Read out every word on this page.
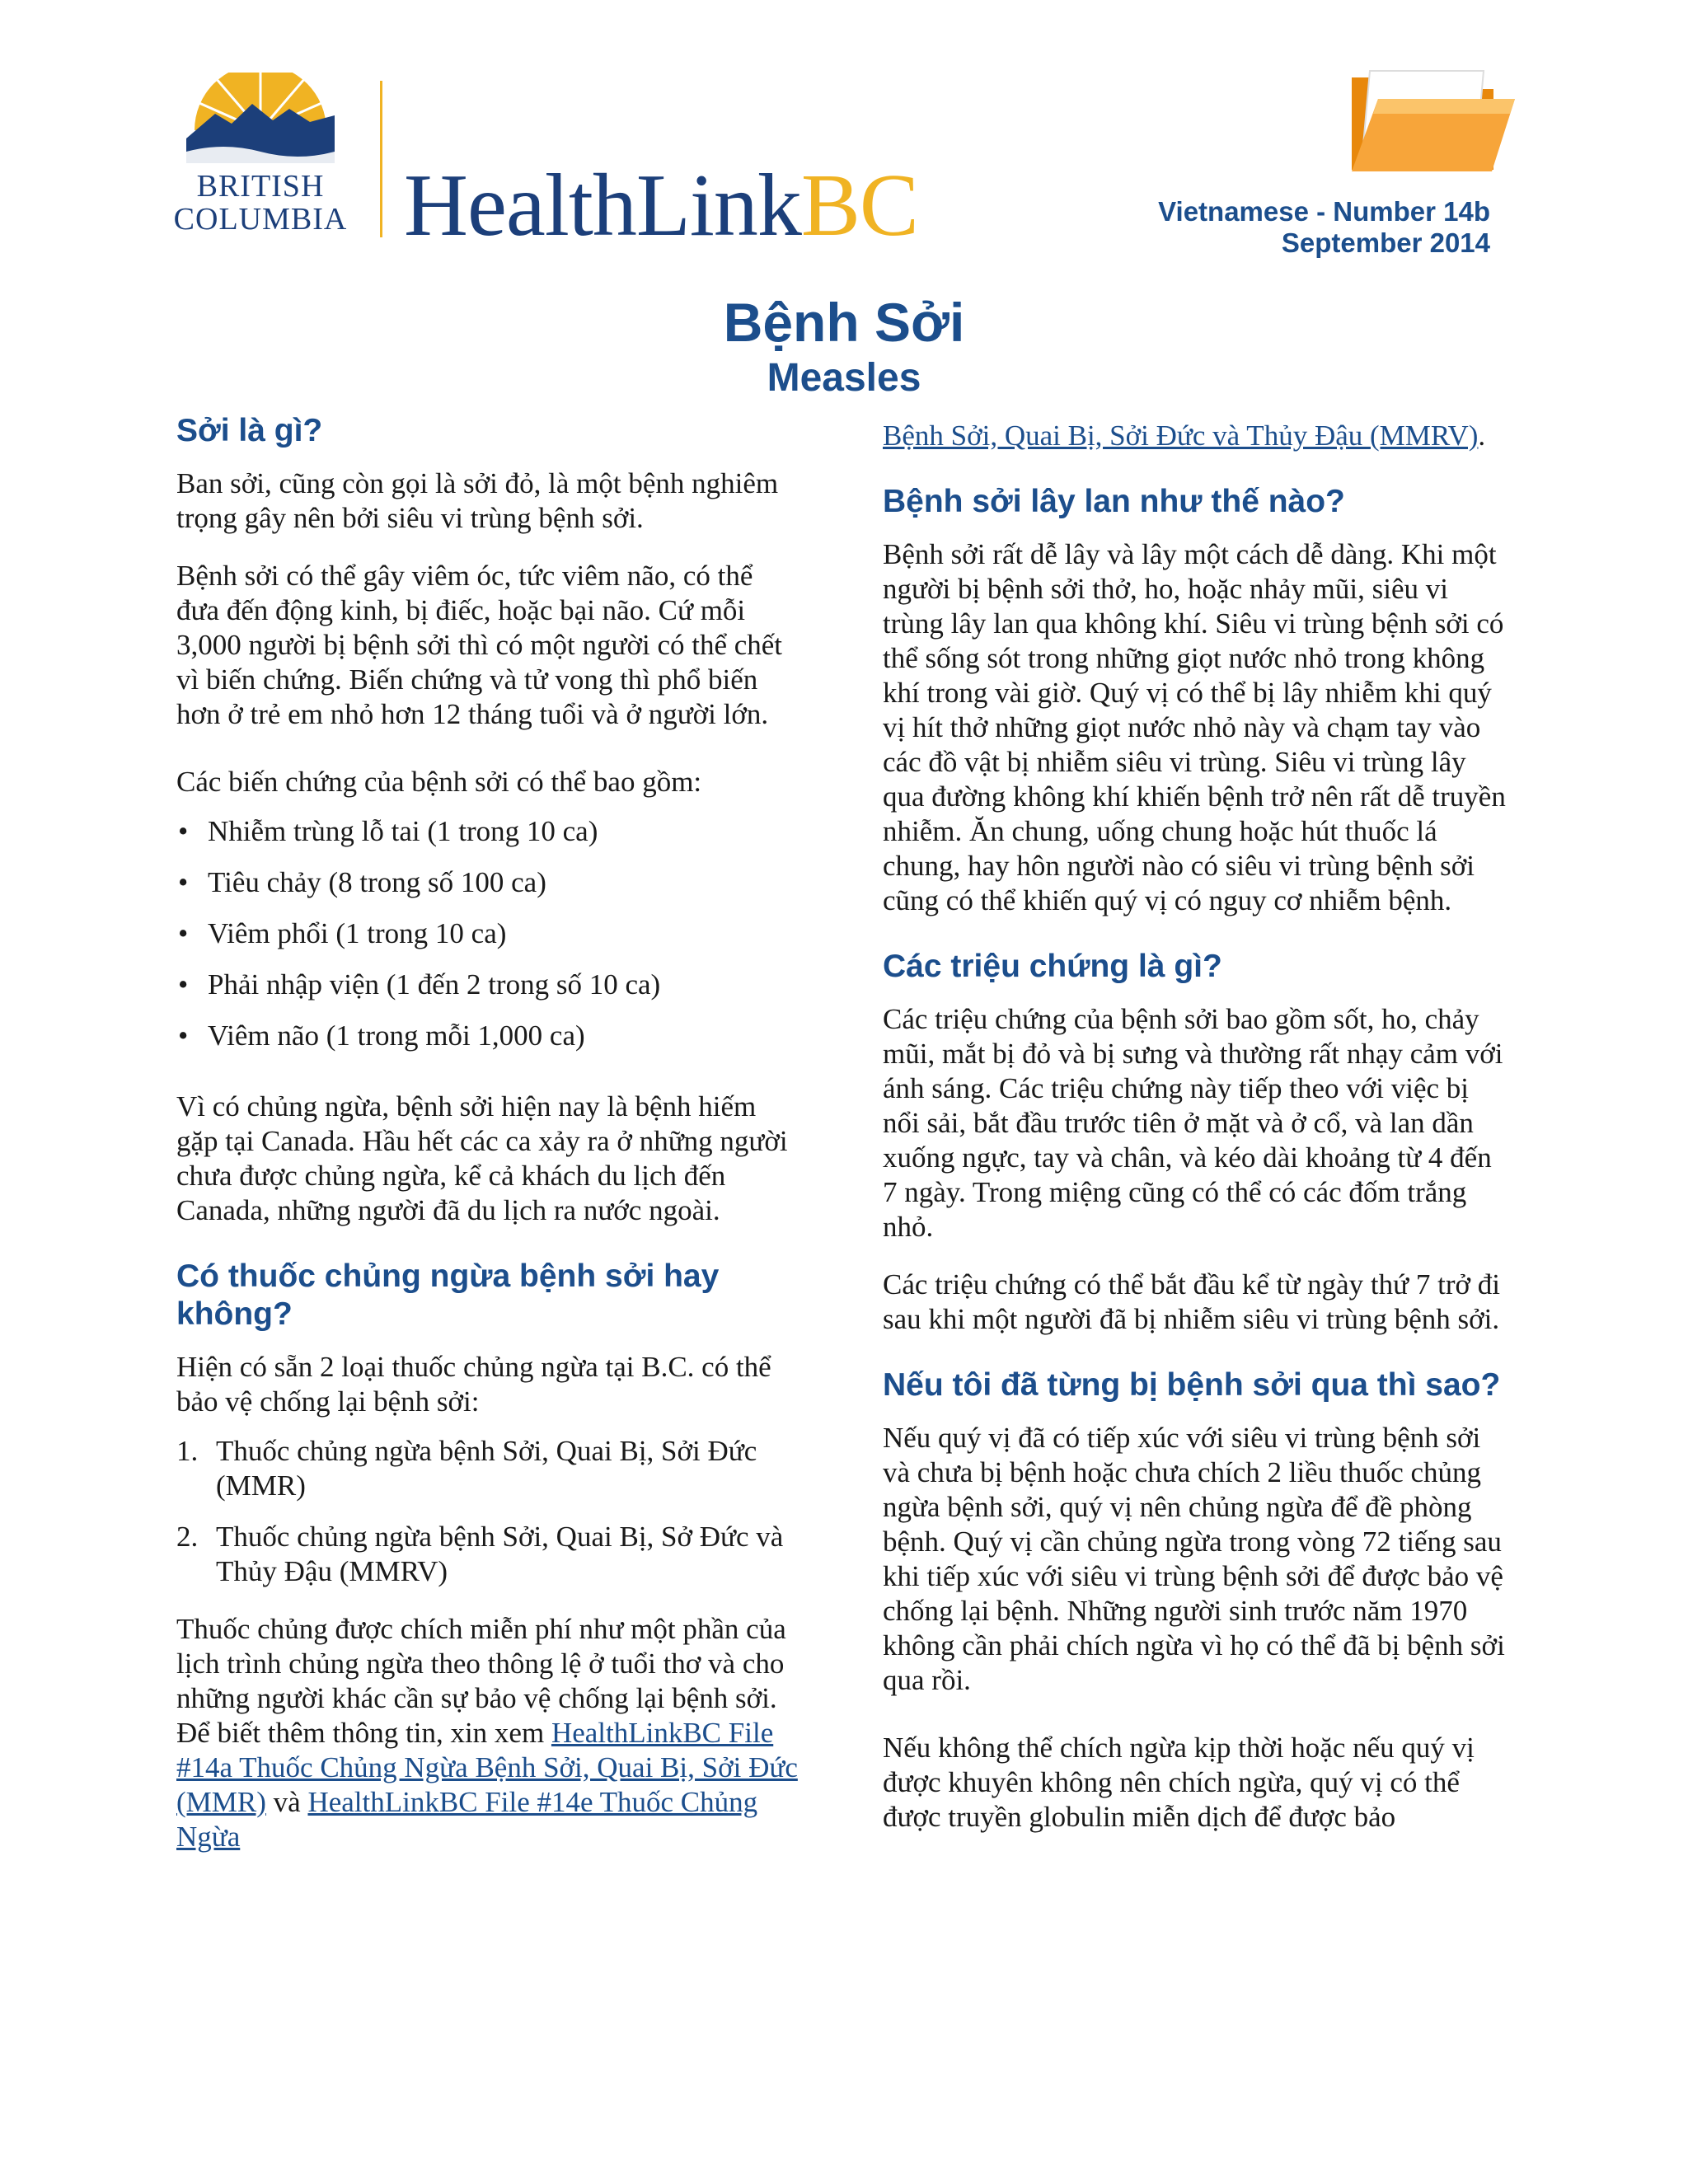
BRITISH
COLUMBIA HealthLinkBC	Vietnamese - Number 14b
September 2014
Bệnh Sởi
Measles
Sởi là gì?

Ban sởi, cũng còn gọi là sởi đỏ, là một bệnh nghiêm trọng gây nên bởi siêu vi trùng bệnh sởi.

Bệnh sởi có thể gây viêm óc, tức viêm não, có thể đưa đến động kinh, bị điếc, hoặc bại não. Cứ mỗi 3,000 người bị bệnh sởi thì có một người có thể chết vì biến chứng. Biến chứng và tử vong thì phổ biến hơn ở trẻ em nhỏ hơn 12 tháng tuổi và ở người lớn.

Các biến chứng của bệnh sởi có thể bao gồm:

• Nhiễm trùng lỗ tai (1 trong 10 ca)
• Tiêu chảy (8 trong số 100 ca)
• Viêm phổi (1 trong 10 ca)
• Phải nhập viện (1 đến 2 trong số 10 ca)
• Viêm não (1 trong mỗi 1,000 ca)

Vì có chủng ngừa, bệnh sởi hiện nay là bệnh hiếm gặp tại Canada. Hầu hết các ca xảy ra ở những người chưa được chủng ngừa, kể cả khách du lịch đến Canada, những người đã du lịch ra nước ngoài.

Có thuốc chủng ngừa bệnh sởi hay không?

Hiện có sẵn 2 loại thuốc chủng ngừa tại B.C. có thể bảo vệ chống lại bệnh sởi:

1. Thuốc chủng ngừa bệnh Sởi, Quai Bị, Sởi Đức (MMR)
2. Thuốc chủng ngừa bệnh Sởi, Quai Bị, Sở Đức và Thủy Đậu (MMRV)

Thuốc chủng được chích miễn phí như một phần của lịch trình chủng ngừa theo thông lệ ở tuổi thơ và cho những người khác cần sự bảo vệ chống lại bệnh sởi. Để biết thêm thông tin, xin xem HealthLinkBC File #14a Thuốc Chủng Ngừa Bệnh Sởi, Quai Bị, Sởi Đức (MMR) và HealthLinkBC File #14e Thuốc Chủng Ngừa

Bệnh Sởi, Quai Bị, Sởi Đức và Thủy Đậu (MMRV).

Bệnh sởi lây lan như thế nào?

Bệnh sởi rất dễ lây và lây một cách dễ dàng. Khi một người bị bệnh sởi thở, ho, hoặc nhảy mũi, siêu vi trùng lây lan qua không khí. Siêu vi trùng bệnh sởi có thể sống sót trong những giọt nước nhỏ trong không khí trong vài giờ. Quý vị có thể bị lây nhiễm khi quý vị hít thở những giọt nước nhỏ này và chạm tay vào các đồ vật bị nhiễm siêu vi trùng. Siêu vi trùng lây qua đường không khí khiến bệnh trở nên rất dễ truyền nhiễm. Ăn chung, uống chung hoặc hút thuốc lá chung, hay hôn người nào có siêu vi trùng bệnh sởi cũng có thể khiến quý vị có nguy cơ nhiễm bệnh.

Các triệu chứng là gì?

Các triệu chứng của bệnh sởi bao gồm sốt, ho, chảy mũi, mắt bị đỏ và bị sưng và thường rất nhạy cảm với ánh sáng. Các triệu chứng này tiếp theo với việc bị nổi sải, bắt đầu trước tiên ở mặt và ở cổ, và lan dần xuống ngực, tay và chân, và kéo dài khoảng từ 4 đến 7 ngày. Trong miệng cũng có thể có các đốm trắng nhỏ.

Các triệu chứng có thể bắt đầu kể từ ngày thứ 7 trở đi sau khi một người đã bị nhiễm siêu vi trùng bệnh sởi.

Nếu tôi đã từng bị bệnh sởi qua thì sao?

Nếu quý vị đã có tiếp xúc với siêu vi trùng bệnh sởi và chưa bị bệnh hoặc chưa chích 2 liều thuốc chủng ngừa bệnh sởi, quý vị nên chủng ngừa để đề phòng bệnh. Quý vị cần chủng ngừa trong vòng 72 tiếng sau khi tiếp xúc với siêu vi trùng bệnh sởi để được bảo vệ chống lại bệnh. Những người sinh trước năm 1970 không cần phải chích ngừa vì họ có thể đã bị bệnh sởi qua rồi.

Nếu không thể chích ngừa kịp thời hoặc nếu quý vị được khuyên không nên chích ngừa, quý vị có thể được truyền globulin miễn dịch để được bảo
